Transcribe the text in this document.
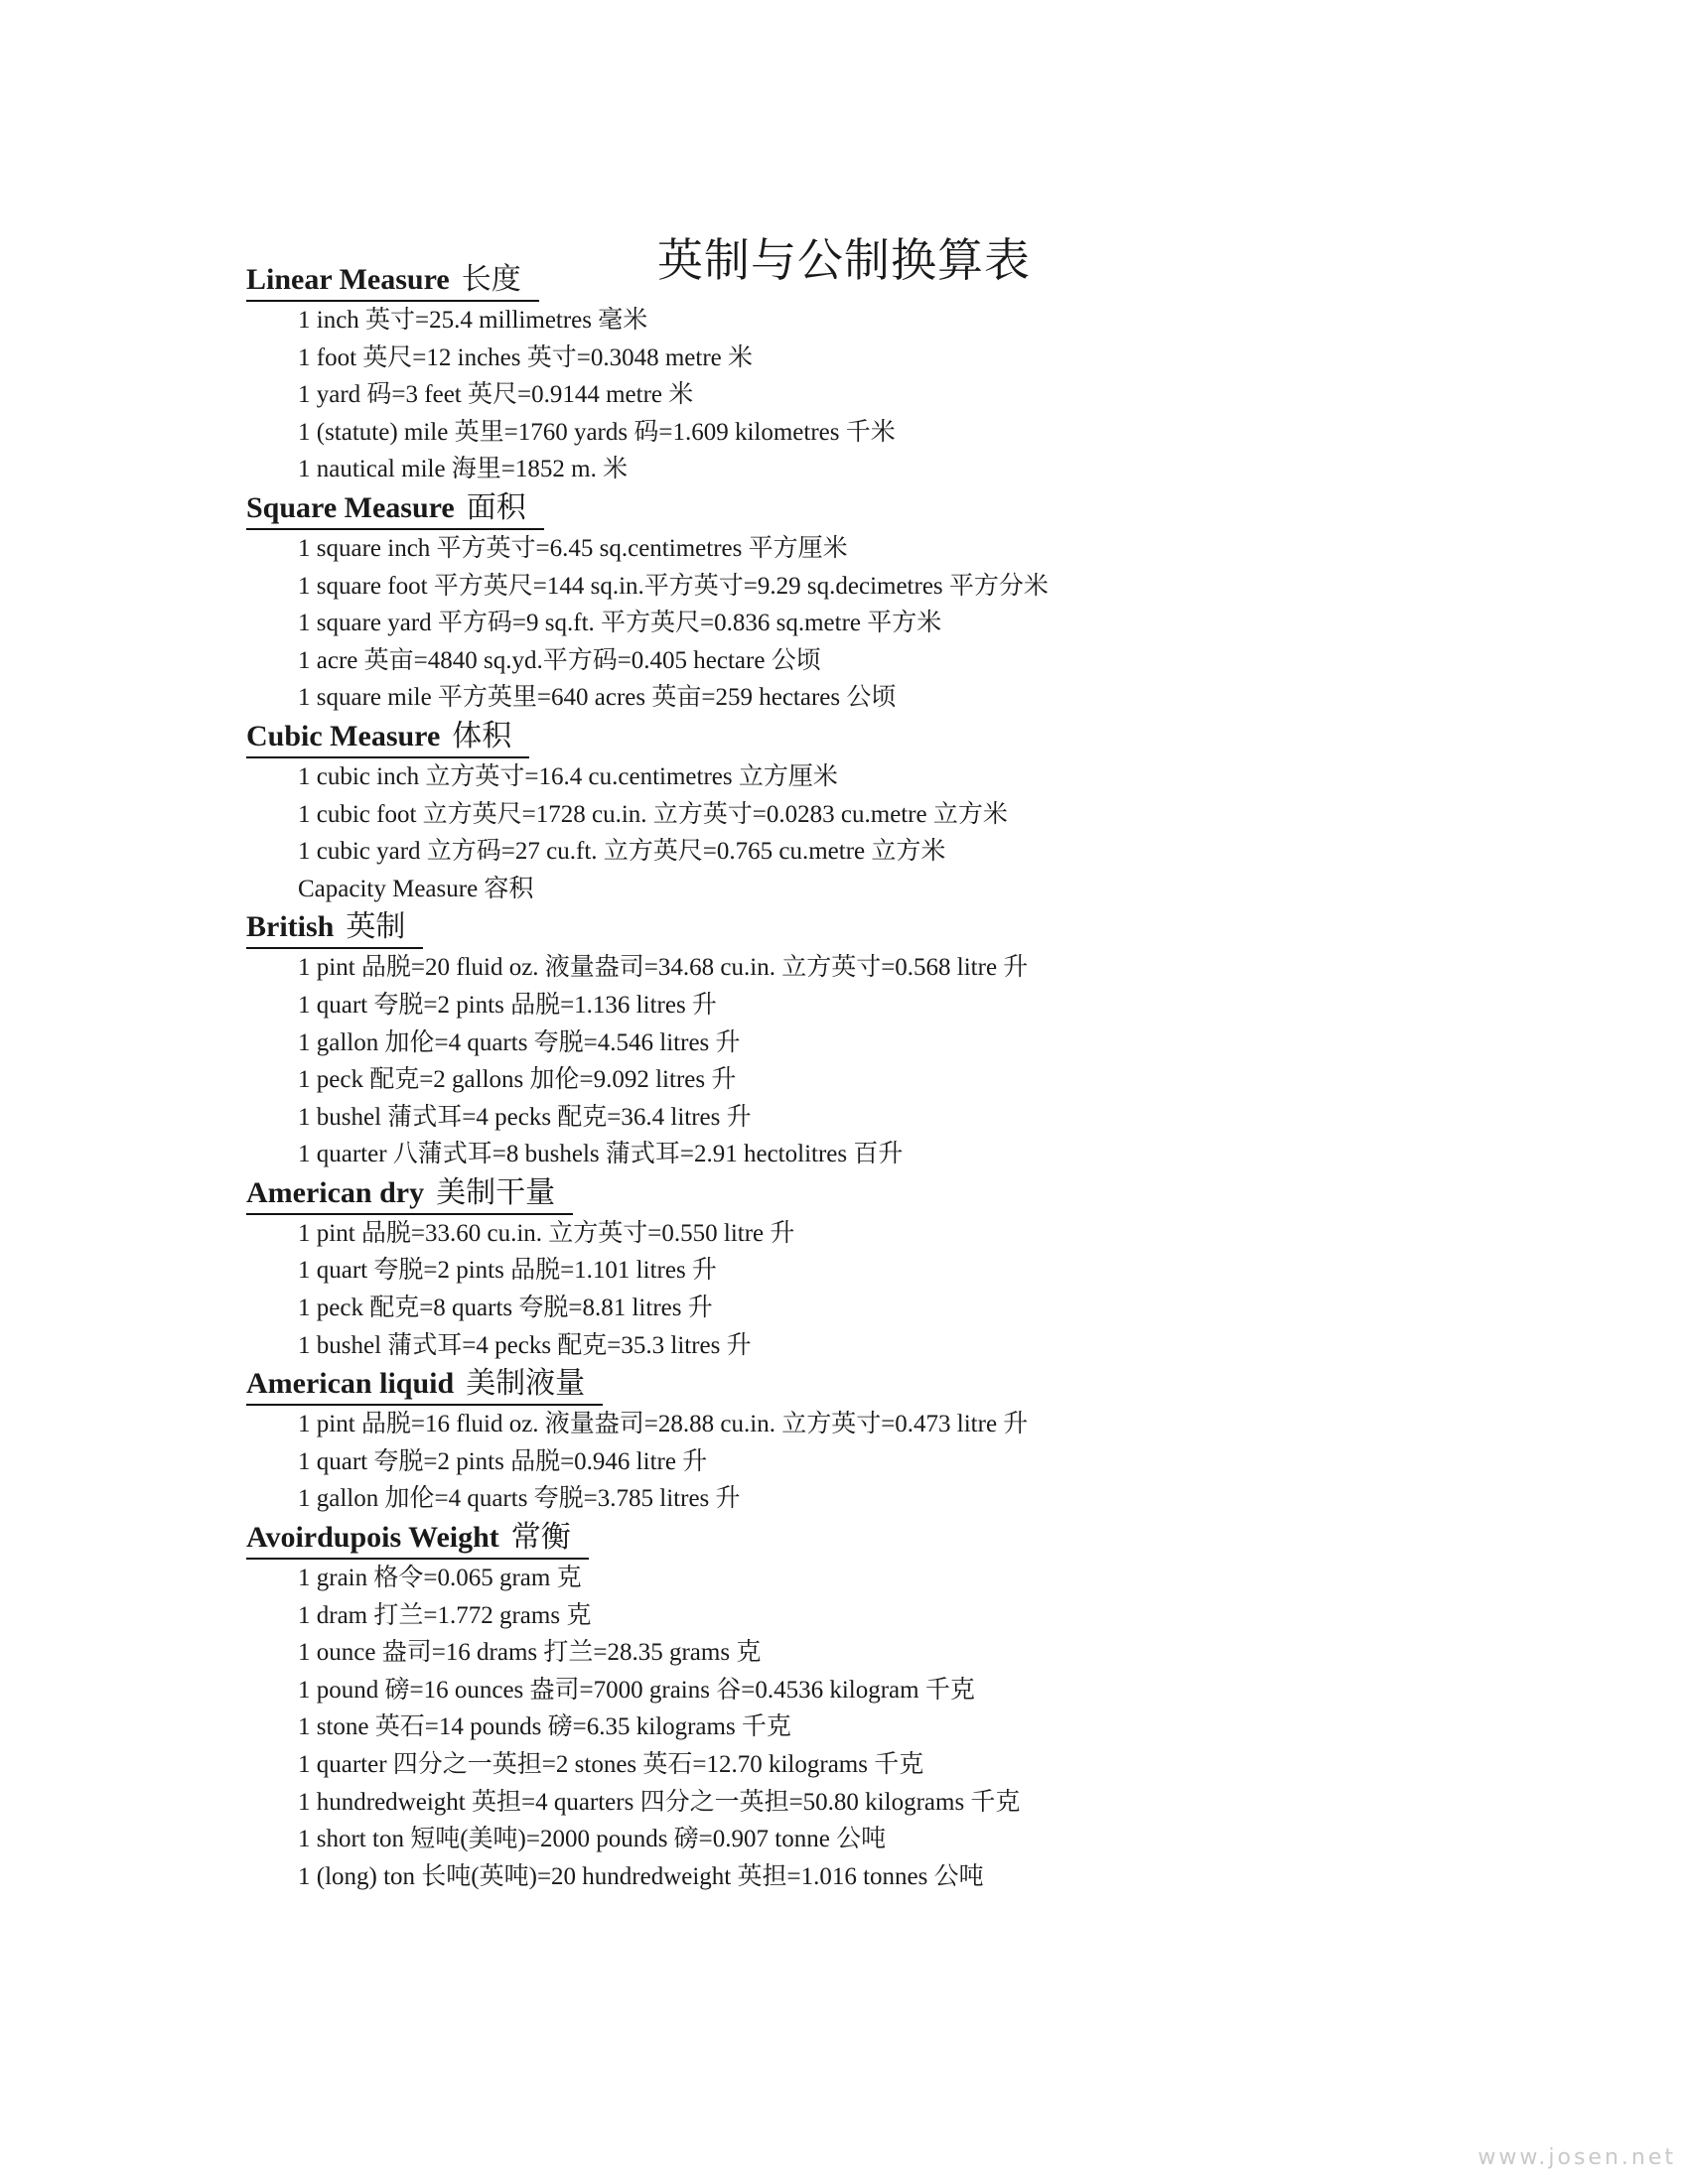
英制与公制换算表
Linear Measure 长度
1 inch 英寸=25.4 millimetres 毫米
1 foot 英尺=12 inches 英寸=0.3048 metre 米
1 yard 码=3 feet 英尺=0.9144 metre 米
1 (statute) mile 英里=1760 yards 码=1.609 kilometres 千米
1 nautical mile 海里=1852 m. 米
Square Measure 面积
1 square inch 平方英寸=6.45 sq.centimetres 平方厘米
1 square foot 平方英尺=144 sq.in.平方英寸=9.29 sq.decimetres 平方分米
1 square yard 平方码=9 sq.ft. 平方英尺=0.836 sq.metre 平方米
1 acre 英亩=4840 sq.yd.平方码=0.405 hectare 公顷
1 square mile 平方英里=640 acres 英亩=259 hectares 公顷
Cubic Measure 体积
1 cubic inch 立方英寸=16.4 cu.centimetres 立方厘米
1 cubic foot 立方英尺=1728 cu.in. 立方英寸=0.0283 cu.metre 立方米
1 cubic yard 立方码=27 cu.ft. 立方英尺=0.765 cu.metre 立方米
Capacity Measure 容积
British 英制
1 pint 品脱=20 fluid oz. 液量盎司=34.68 cu.in. 立方英寸=0.568 litre 升
1 quart 夸脱=2 pints 品脱=1.136 litres 升
1 gallon 加伦=4 quarts 夸脱=4.546 litres 升
1 peck 配克=2 gallons 加伦=9.092 litres 升
1 bushel 蒲式耳=4 pecks 配克=36.4 litres 升
1 quarter 八蒲式耳=8 bushels 蒲式耳=2.91 hectolitres 百升
American dry 美制干量
1 pint 品脱=33.60 cu.in. 立方英寸=0.550 litre 升
1 quart 夸脱=2 pints 品脱=1.101 litres 升
1 peck 配克=8 quarts 夸脱=8.81 litres 升
1 bushel 蒲式耳=4 pecks 配克=35.3 litres 升
American liquid 美制液量
1 pint 品脱=16 fluid oz. 液量盎司=28.88 cu.in. 立方英寸=0.473 litre 升
1 quart 夸脱=2 pints 品脱=0.946 litre 升
1 gallon 加伦=4 quarts 夸脱=3.785 litres 升
Avoirdupois Weight 常衡
1 grain 格令=0.065 gram 克
1 dram 打兰=1.772 grams 克
1 ounce 盎司=16 drams 打兰=28.35 grams 克
1 pound 磅=16 ounces 盎司=7000 grains 谷=0.4536 kilogram 千克
1 stone 英石=14 pounds 磅=6.35 kilograms 千克
1 quarter 四分之一英担=2 stones 英石=12.70 kilograms 千克
1 hundredweight 英担=4 quarters 四分之一英担=50.80 kilograms 千克
1 short ton 短吨(美吨)=2000 pounds 磅=0.907 tonne 公吨
1 (long) ton 长吨(英吨)=20 hundredweight 英担=1.016 tonnes 公吨
www.josen.net
